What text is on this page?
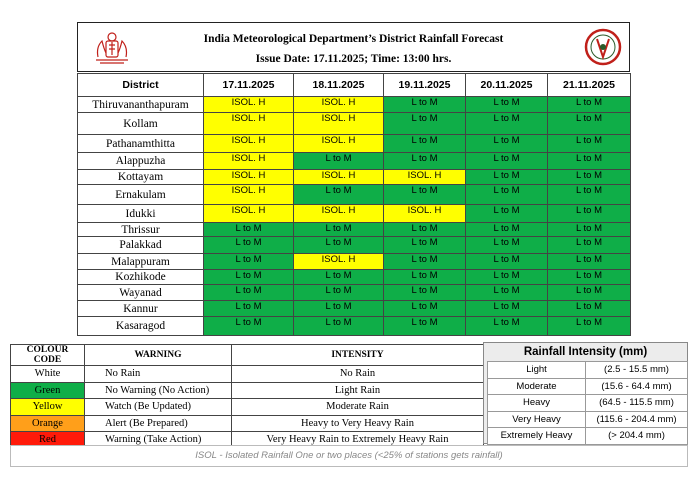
India Meteorological Department’s District Rainfall Forecast
Issue Date: 17.11.2025; Time: 13:00 hrs.
District	17.11.2025	18.11.2025	19.11.2025	20.11.2025	21.11.2025
Thiruvananthapuram	ISOL. H	ISOL. H	L to M	L to M	L to M
Kollam	ISOL. H	ISOL. H	L to M	L to M	L to M
Pathanamthitta	ISOL. H	ISOL. H	L to M	L to M	L to M
Alappuzha	ISOL. H	L to M	L to M	L to M	L to M
Kottayam	ISOL. H	ISOL. H	ISOL. H	L to M	L to M
Ernakulam	ISOL. H	L to M	L to M	L to M	L to M
Idukki	ISOL. H	ISOL. H	ISOL. H	L to M	L to M
Thrissur	L to M	L to M	L to M	L to M	L to M
Palakkad	L to M	L to M	L to M	L to M	L to M
Malappuram	L to M	ISOL. H	L to M	L to M	L to M
Kozhikode	L to M	L to M	L to M	L to M	L to M
Wayanad	L to M	L to M	L to M	L to M	L to M
Kannur	L to M	L to M	L to M	L to M	L to M
Kasaragod	L to M	L to M	L to M	L to M	L to M
COLOUR CODE	WARNING	INTENSITY
White	No Rain	No Rain
Green	No Warning (No Action)	Light Rain
Yellow	Watch (Be Updated)	Moderate Rain
Orange	Alert (Be Prepared)	Heavy to Very Heavy Rain
Red	Warning (Take Action)	Very Heavy Rain to Extremely Heavy Rain
Rainfall Intensity (mm)
Light	(2.5 - 15.5 mm)
Moderate	(15.6 - 64.4 mm)
Heavy	(64.5 - 115.5 mm)
Very Heavy	(115.6 - 204.4 mm)
Extremely Heavy	(> 204.4 mm)
ISOL - Isolated Rainfall One or two places (<25% of stations gets rainfall)
